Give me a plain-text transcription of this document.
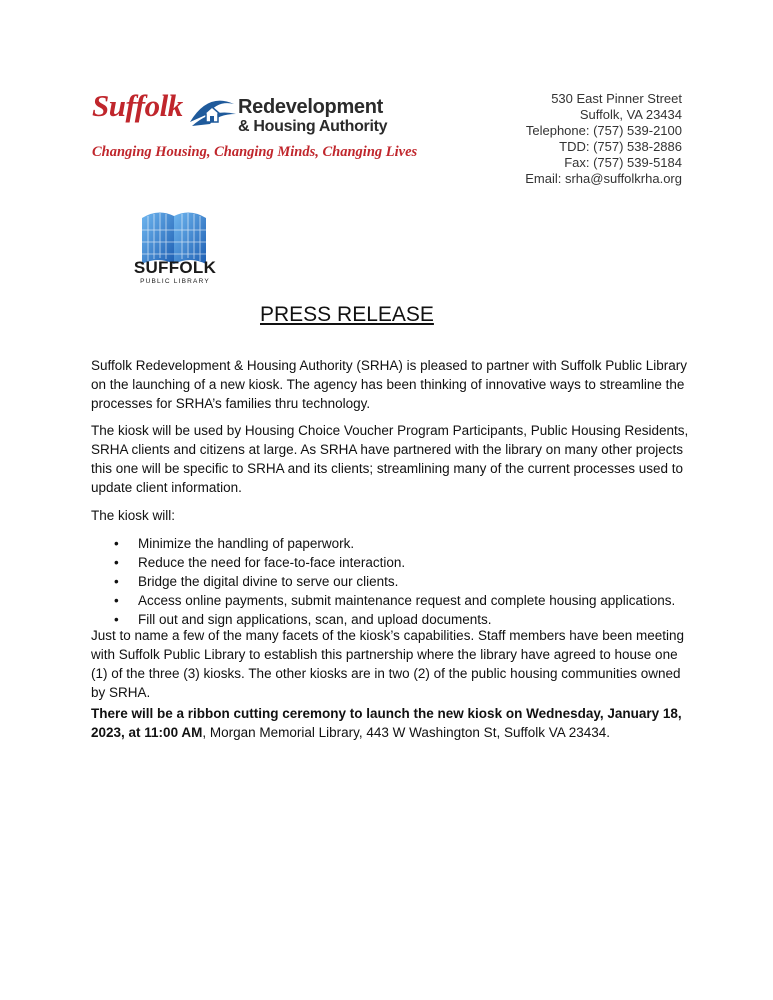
Suffolk	Redevelopment
& Housing Authority
Changing Housing, Changing Minds, Changing Lives
530 East Pinner Street
Suffolk, VA 23434
Telephone: (757) 539-2100
TDD: (757) 538-2886
Fax: (757) 539-5184
Email: srha@suffolkrha.org
SUFFOLK
PUBLIC LIBRARY
PRESS RELEASE

Suffolk Redevelopment & Housing Authority (SRHA) is pleased to partner with Suffolk Public Library on the launching of a new kiosk. The agency has been thinking of innovative ways to streamline the processes for SRHA’s families thru technology.

The kiosk will be used by Housing Choice Voucher Program Participants, Public Housing Residents, SRHA clients and citizens at large. As SRHA have partnered with the library on many other projects this one will be specific to SRHA and its clients; streamlining many of the current processes used to update client information.

The kiosk will:

• Minimize the handling of paperwork.
• Reduce the need for face-to-face interaction.
• Bridge the digital divine to serve our clients.
• Access online payments, submit maintenance request and complete housing applications.
• Fill out and sign applications, scan, and upload documents.

Just to name a few of the many facets of the kiosk’s capabilities. Staff members have been meeting with Suffolk Public Library to establish this partnership where the library have agreed to house one (1) of the three (3) kiosks. The other kiosks are in two (2) of the public housing communities owned by SRHA.

There will be a ribbon cutting ceremony to launch the new kiosk on Wednesday, January 18, 2023, at 11:00 AM, Morgan Memorial Library, 443 W Washington St, Suffolk VA 23434.
